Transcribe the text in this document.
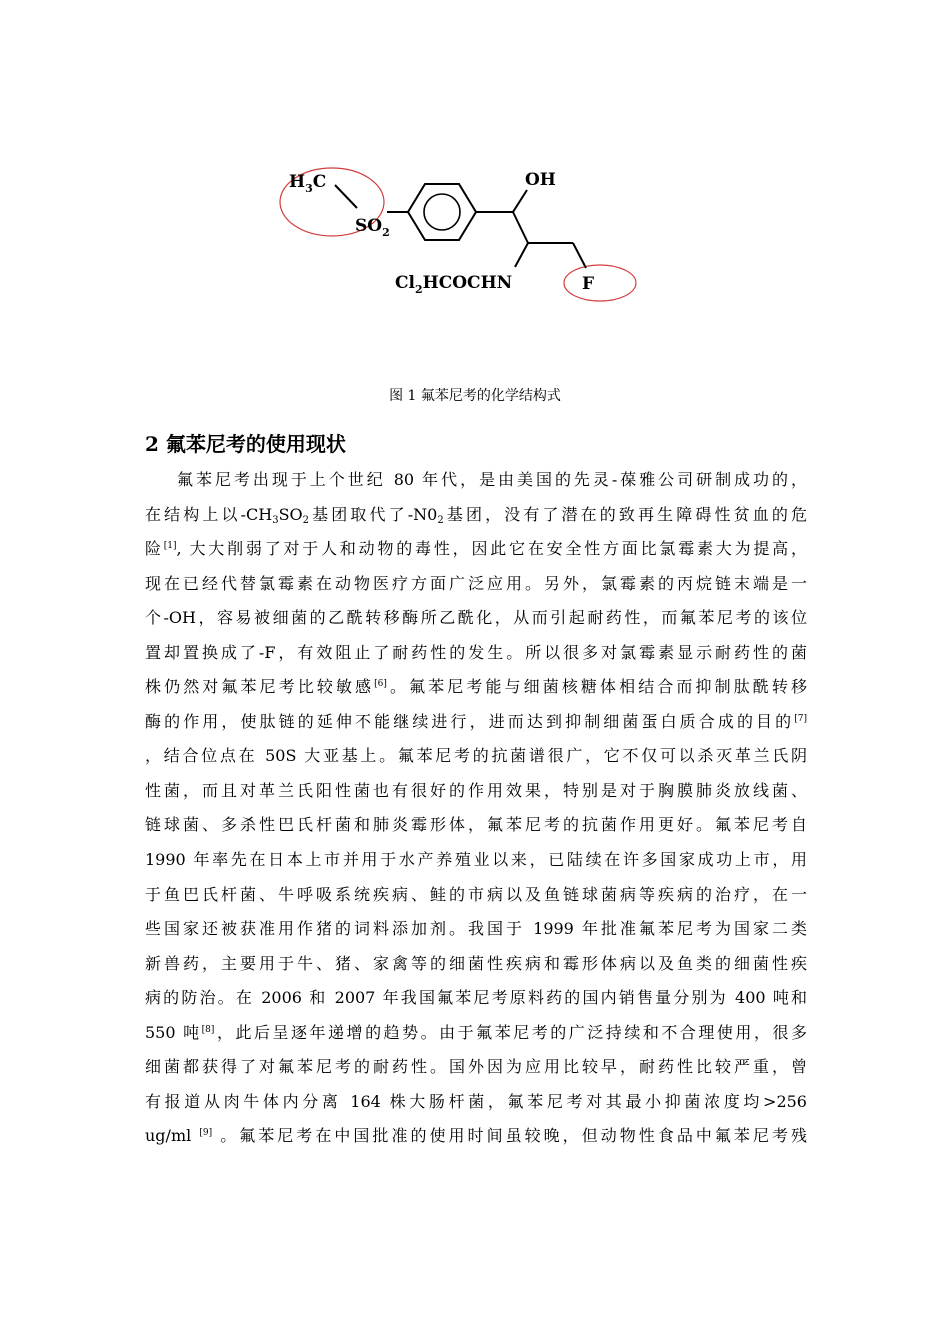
$H_3C$
$SO_2$
OH
$Cl_2HCOCHN$	F
图 1 氟苯尼考的化学结构式
2 氟苯尼考的使用现状
氟苯尼考出现于上个世纪 80 年代，是由美国的先灵-葆雅公司研制成功的，
在结构上以$-CH_3SO_2$基团取代了$-N0_2$基团，没有了潜在的致再生障碍性贫血的危
险[1], 大大削弱了对于人和动物的毒性，因此它在安全性方面比氯霉素大为提高，
现在已经代替氯霉素在动物医疗方面广泛应用。另外，氯霉素的丙烷链末端是一
个-OH，容易被细菌的乙酰转移酶所乙酰化，从而引起耐药性，而氟苯尼考的该位
置却置换成了-F，有效阻止了耐药性的发生。所以很多对氯霉素显示耐药性的菌
株仍然对氟苯尼考比较敏感[6]。氟苯尼考能与细菌核糖体相结合而抑制肽酰转移
酶的作用，使肽链的延伸不能继续进行，进而达到抑制细菌蛋白质合成的目的[7]
，结合位点在 50S 大亚基上。氟苯尼考的抗菌谱很广，它不仅可以杀灭革兰氏阴
性菌，而且对革兰氏阳性菌也有很好的作用效果，特别是对于胸膜肺炎放线菌、
链球菌、多杀性巴氏杆菌和肺炎霉形体，氟苯尼考的抗菌作用更好。氟苯尼考自
1990 年率先在日本上市并用于水产养殖业以来，已陆续在许多国家成功上市，用
于鱼巴氏杆菌、牛呼吸系统疾病、鲑的市病以及鱼链球菌病等疾病的治疗，在一
些国家还被获准用作猪的词料添加剂。我国于 1999 年批准氟苯尼考为国家二类
新兽药，主要用于牛、猪、家禽等的细菌性疾病和霉形体病以及鱼类的细菌性疾
病的防治。在 2006 和 2007 年我国氟苯尼考原料药的国内销售量分别为 400 吨和
550 吨[8]，此后呈逐年递增的趋势。由于氟苯尼考的广泛持续和不合理使用，很多
细菌都获得了对氟苯尼考的耐药性。国外因为应用比较早，耐药性比较严重，曾
有报道从肉牛体内分离 164 株大肠杆菌，氟苯尼考对其最小抑菌浓度均>256
ug/ml [9] 。氟苯尼考在中国批准的使用时间虽较晚，但动物性食品中氟苯尼考残
